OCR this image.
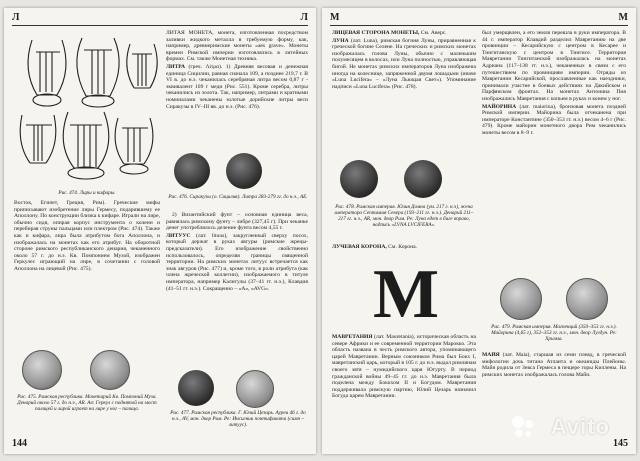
Л	Л
Рис. 474. Лиры и кифары.

ЛИТАЯ МОНЕТА, монета, изготовленная посредством заливки жидкого металла в требуемую форму, как, например, древнеримские монеты «aes grave». Монеты времен Римской империи изготовлялись в литейных формах. См. также Монетная техника.

ЛИТРА (греч. Λίτρα). 1) Древняя весовая и денежная единица Сицилии, равная сначала 109, а позднее 219,7 г. В VI в. до н.э. чеканилась серебряная литра весом 0,87 г - эквивалент 109 г меди (Рис. 551). Кроме серебра, литры чеканились из золота. Так, например, литрами и кратными номиналами чеканены золотые дорийские литры веси Сиракузы в IV–III вв. до н.э. (Рис. 476).

Рис. 476. Сиракузы (о. Сицилия). Литра 283-279 гг. до н.э., AE.

Восток, Египет, Греция, Рим). Греческие мифы приписывают изобретение лиры Гермесу, подарившему ее Аполлону. По конструкции близка к кифаре. Играли на лире, обычно сидя, опирая корпус инструмента о колени и перебирая струны пальцами или плектром (Рис. 474). Также как и кифара, лира была атрибутом бога Аполлона, и изображалась на монетах как его атрибут. На оборотной стороне римского республиканского денария, чеканенного около 57 г. до н.э. Кв. Помпонием Музой, изображен Геркулес играющий на лире, в сочетании с головой Аполлона на лицевой (Рис. 475).

2) Византийский фунт – основная единица веса, равнялась римскому фунту – либре (327,45 г). При чеканке денег употреблялось деление фунта весом 4,55 г.

ЛИТУУС (лат. lituus), закругленный сверху посох, который держат в руках авгуры (римские жрецы-предсказатели). Его изображение свойственно использовалось, определяя границы священной территории. На римских монетах литуус встречается как знак авгуров (Рис. 477) и, кроме того, в роли атрибута (как члена жреческой коллегии), изображаемого в титуле императора, например Калигулы (37–41 гг. н.э.), Клавдия (41–51 гг. н.э.). Сокращенно – «А», «AVG».

Рис. 475. Римская республика. Монетарий Кв. Помпоний Муза. Денарий около 57 г. до н.э., AR. Ав: Геркул с поднятой на мост палицей и лирой играет на лире у ног – палица.
Рис. 477. Римская республика. Г. Юлий Цезарь. Ауреи 46 г. до н.э., AV, мон. двор Рим. Ре: Инсигнии понтификата (симп – литуус).
144
М	М

ЛИЦЕВАЯ СТОРОНА МОНЕТЫ, См. Аверс.

ЛУНА (лат. Luna), римская богиня Луны, приравненная к греческой богине Селене. На греческих и римских монетах изображалась голова Луны, обычно с маленьким полумесяцем в волосах, или Луна полностью, управляющая бигой. Не монетах римских императоров Луна изображена иногда на колеснице, запряженной двумя лошадьми (иначе «Luna Lucifera» – «Луна Льющая Свет»). Упоминание надписи «Luna Lucifera» (Рис. 478).

Рис. 478. Римская империя. Юлия Домна (ум. 217 г. н.э), жена императора Септимия Севера (193–211 гг. н.э.). Денарий 211–217 гг. н.э., AR, мон. двор Рим. Ре: Луна едет в биге вправо, надпись «LVNA LVCIFERA».

ЛУЧЕВАЯ КОРОНА, См. Корона.

М

МАВРЕТАНИЯ (лат. Mauretania), историческая область на севере Африки и ее современной территории Марокко. Эта область названа в честь римского автора, упоминающего царей Мавретании. Верным союзником Рима был Бокх I, мавретанский царь, который в 105 г. до н.э. выдал римлянам своего зятя – нумидийского царя Югурту. В период гражданской войны 49–45 гг. до н.э. Мавретания была поделена между Боккхом II и Богудом. Мавретания поддерживала римскую партию, Юлий Цезарь назначил Богуда царем Мавретании.

был умерщвлен, а его земля перешла в руки императора. В 44 г. император Клавдий разделил Мавретанию на две провинции – Кесарийскую с центром в Кесарее и Тингитанскую с центром в Тингисе. Территория Мавретании Тингитанской изображалась на монетах Адриана (117–138 гг. н.э.), чеканенных в связи с его путешествием по провинциям империи. Отряды из Мавретании Кесарийской, прославленные как наездники, принимали участие в боевых действиях на Дакийском и Парфянском фронтах. На монетах Антонина Пия изображались Мавретания с копьем в руках и конем у ног.

МАЙОРИНА (лат. maiorina), бронзовая монета поздней Римской империи. Майорина была отчеканена при императоре Константине (350–353 гг. н.э.) весом 4–6 г (Рис. 479). Кроме майорин монетного двора Рим чеканились монеты весом в 8–9 г.

Рис. 479. Римская империя. Магненций (350–353 гг. н.э.). Майорина (4,65 г), 352–353 гг. н.э., мон. двор Лугдун. Ре: Хризма.

МАЙЯ (лат. Maia), старшая из семи плеяд, в греческой мифологии дочь титана Атланта и океаниды Плейоны. Майя родила от Зевса Гермеса в пещере горы Киллены. На римских монетах изображалась голова Майи.

Avito
145
